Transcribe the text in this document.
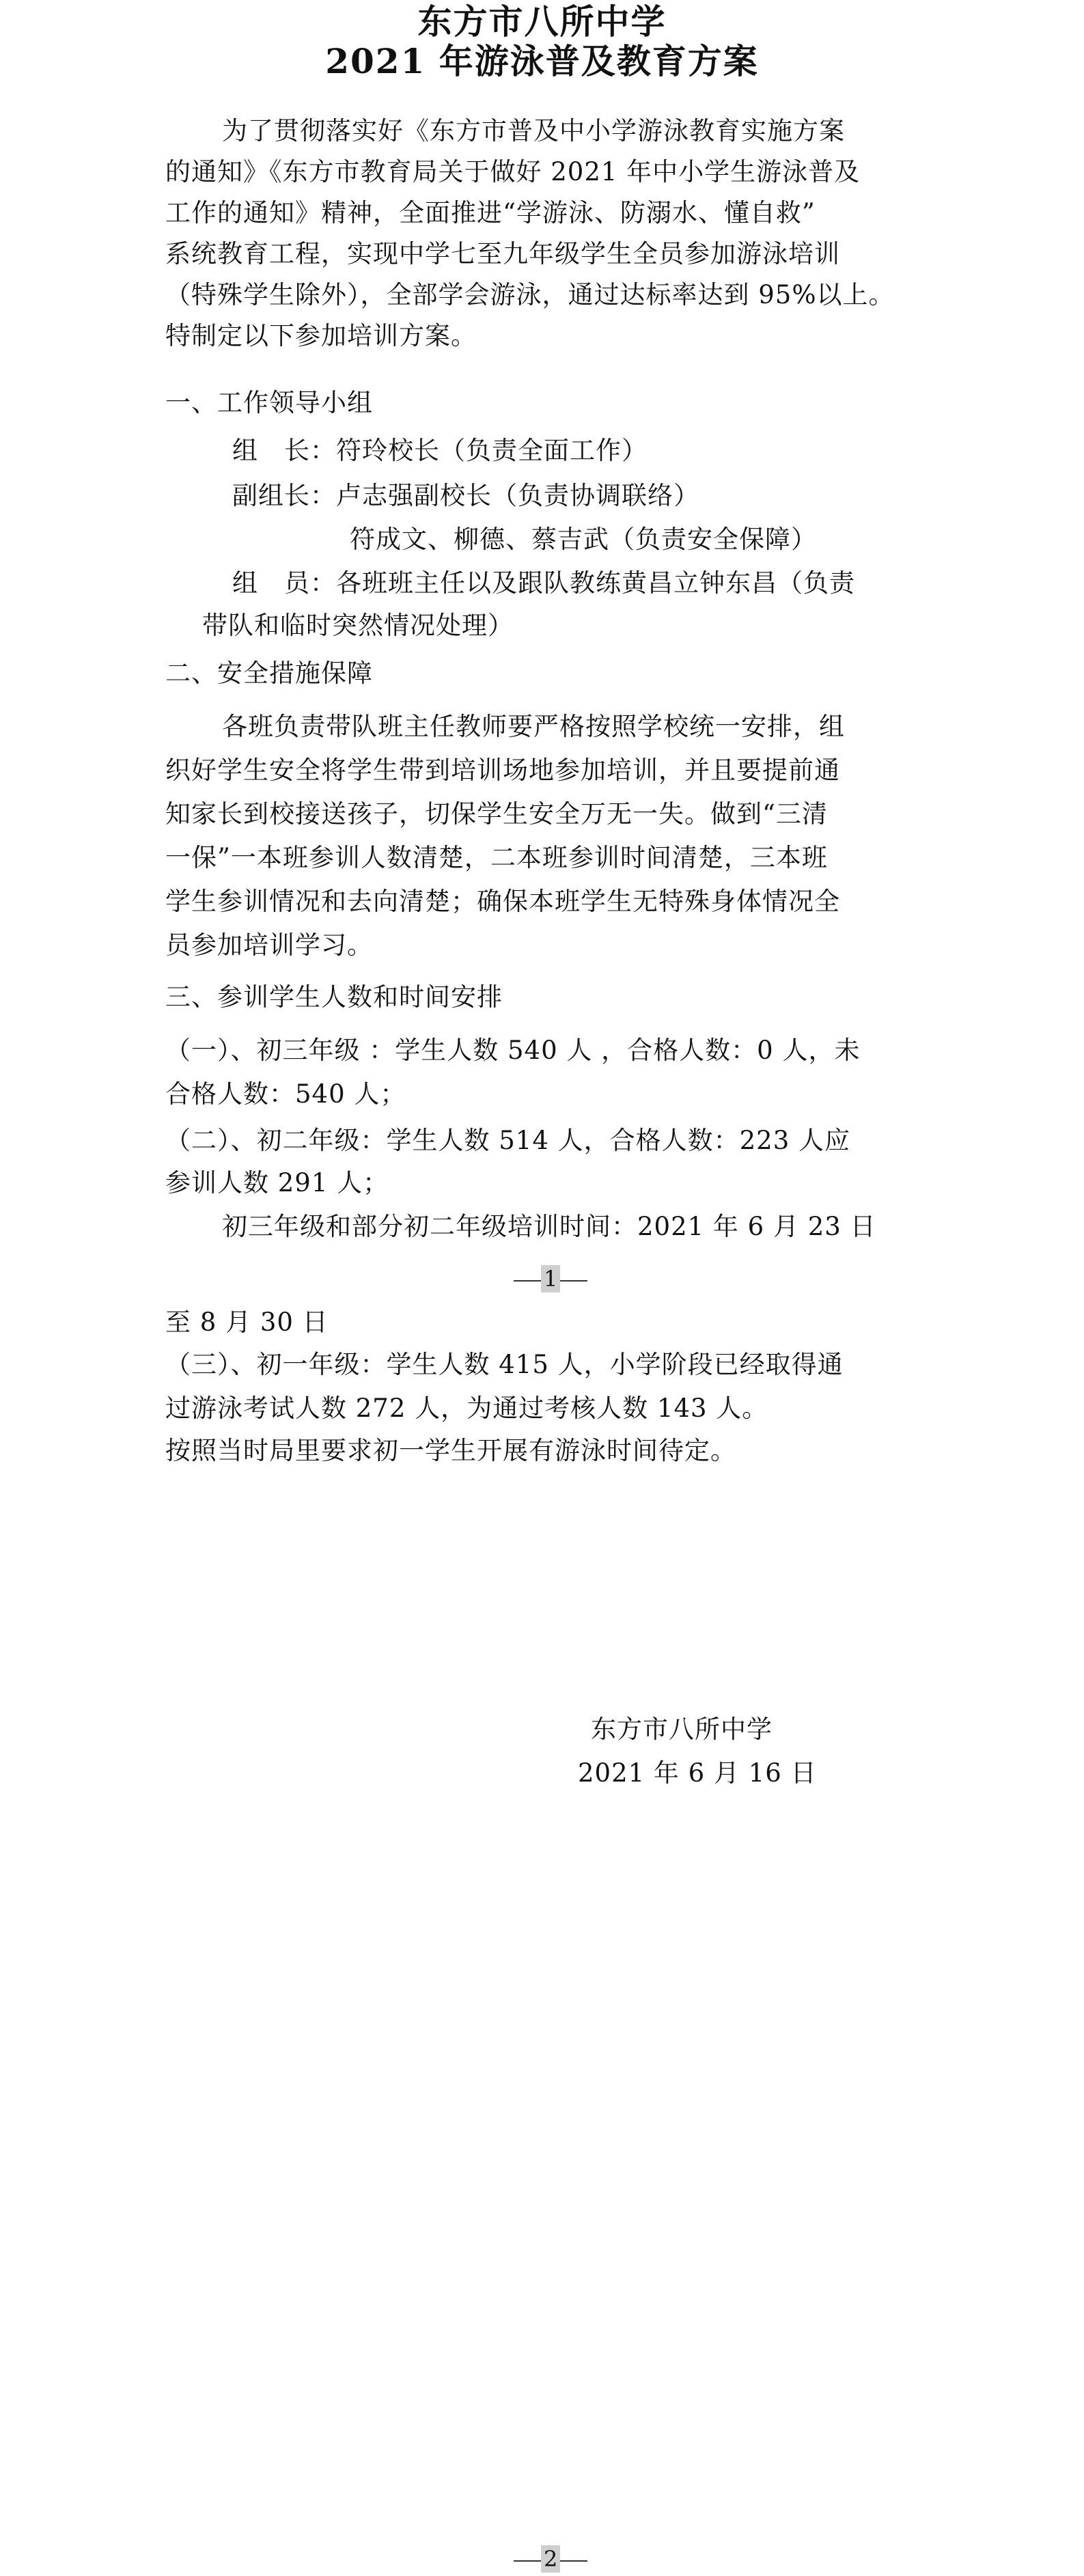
东方市八所中学
2021 年游泳普及教育方案
为了贯彻落实好《东方市普及中小学游泳教育实施方案
的通知》《东方市教育局关于做好 2021 年中小学生游泳普及
工作的通知》精神，全面推进“学游泳、防溺水、懂自救”
系统教育工程，实现中学七至九年级学生全员参加游泳培训
（特殊学生除外），全部学会游泳，通过达标率达到 95%以上。
特制定以下参加培训方案。
一、工作领导小组
组　长：符玲校长（负责全面工作）
副组长：卢志强副校长（负责协调联络）
符成文、柳德、蔡吉武（负责安全保障）
组　员：各班班主任以及跟队教练黄昌立钟东昌（负责
带队和临时突然情况处理）
二、安全措施保障
各班负责带队班主任教师要严格按照学校统一安排，组
织好学生安全将学生带到培训场地参加培训，并且要提前通
知家长到校接送孩子，切保学生安全万无一失。做到“三清
一保”一本班参训人数清楚，二本班参训时间清楚，三本班
学生参训情况和去向清楚；确保本班学生无特殊身体情况全
员参加培训学习。
三、参训学生人数和时间安排
（一）、初三年级 ：学生人数 540 人 ，合格人数：0 人，未
合格人数：540 人；
（二）、初二年级：学生人数 514 人，合格人数：223 人应
参训人数 291 人；
初三年级和部分初二年级培训时间：2021 年 6 月 23 日
1
至 8 月 30 日
（三）、初一年级：学生人数 415 人，小学阶段已经取得通
过游泳考试人数 272 人，为通过考核人数 143 人。
按照当时局里要求初一学生开展有游泳时间待定。
东方市八所中学
2021 年 6 月 16 日
2
